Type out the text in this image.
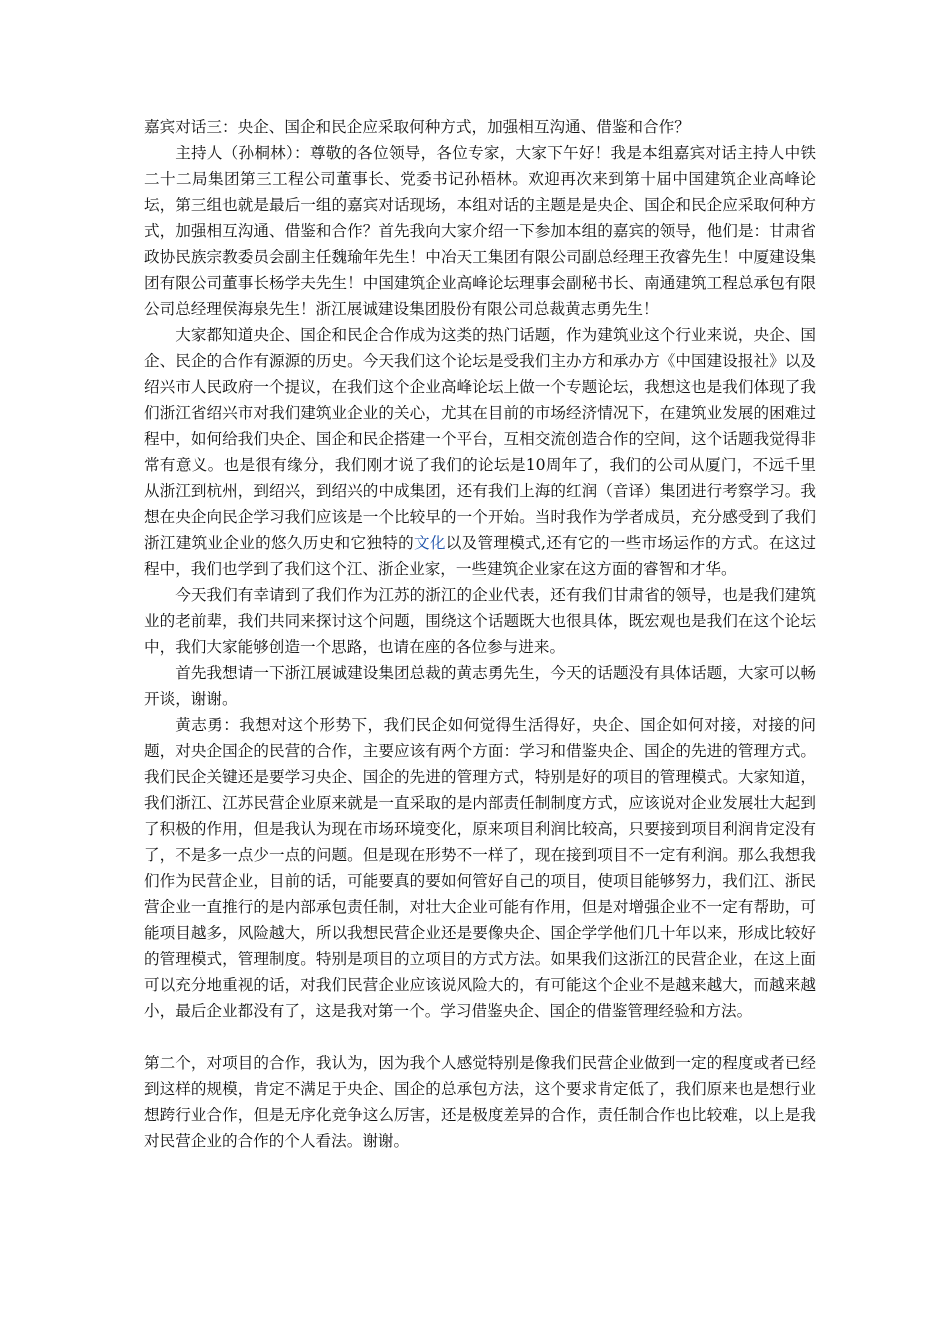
嘉宾对话三：央企、国企和民企应采取何种方式，加强相互沟通、借鉴和合作？

主持人（孙桐林）：尊敬的各位领导，各位专家，大家下午好！我是本组嘉宾对话主持人中铁二十二局集团第三工程公司董事长、党委书记孙梧林。欢迎再次来到第十届中国建筑企业高峰论坛，第三组也就是最后一组的嘉宾对话现场，本组对话的主题是是央企、国企和民企应采取何种方式，加强相互沟通、借鉴和合作？首先我向大家介绍一下参加本组的嘉宾的领导，他们是：甘肃省政协民族宗教委员会副主任魏瑜年先生！中冶天工集团有限公司副总经理王孜睿先生！中厦建设集团有限公司董事长杨学夫先生！中国建筑企业高峰论坛理事会副秘书长、南通建筑工程总承包有限公司总经理侯海泉先生！浙江展诚建设集团股份有限公司总裁黄志勇先生！

大家都知道央企、国企和民企合作成为这类的热门话题，作为建筑业这个行业来说，央企、国企、民企的合作有源源的历史。今天我们这个论坛是受我们主办方和承办方《中国建设报社》以及绍兴市人民政府一个提议，在我们这个企业高峰论坛上做一个专题论坛，我想这也是我们体现了我们浙江省绍兴市对我们建筑业企业的关心，尤其在目前的市场经济情况下，在建筑业发展的困难过程中，如何给我们央企、国企和民企搭建一个平台，互相交流创造合作的空间，这个话题我觉得非常有意义。也是很有缘分，我们刚才说了我们的论坛是10周年了，我们的公司从厦门，不远千里从浙江到杭州，到绍兴，到绍兴的中成集团，还有我们上海的红润（音译）集团进行考察学习。我想在央企向民企学习我们应该是一个比较早的一个开始。当时我作为学者成员，充分感受到了我们浙江建筑业企业的悠久历史和它独特的文化以及管理模式,还有它的一些市场运作的方式。在这过程中，我们也学到了我们这个江、浙企业家，一些建筑企业家在这方面的睿智和才华。

今天我们有幸请到了我们作为江苏的浙江的企业代表，还有我们甘肃省的领导，也是我们建筑业的老前辈，我们共同来探讨这个问题，围绕这个话题既大也很具体，既宏观也是我们在这个论坛中，我们大家能够创造一个思路，也请在座的各位参与进来。

首先我想请一下浙江展诚建设集团总裁的黄志勇先生，今天的话题没有具体话题，大家可以畅开谈，谢谢。

黄志勇：我想对这个形势下，我们民企如何觉得生活得好，央企、国企如何对接，对接的问题，对央企国企的民营的合作，主要应该有两个方面：学习和借鉴央企、国企的先进的管理方式。我们民企关键还是要学习央企、国企的先进的管理方式，特别是好的项目的管理模式。大家知道，我们浙江、江苏民营企业原来就是一直采取的是内部责任制制度方式，应该说对企业发展壮大起到了积极的作用，但是我认为现在市场环境变化，原来项目利润比较高，只要接到项目利润肯定没有了，不是多一点少一点的问题。但是现在形势不一样了，现在接到项目不一定有利润。那么我想我们作为民营企业，目前的话，可能要真的要如何管好自己的项目，使项目能够努力，我们江、浙民营企业一直推行的是内部承包责任制，对壮大企业可能有作用，但是对增强企业不一定有帮助，可能项目越多，风险越大，所以我想民营企业还是要像央企、国企学学他们几十年以来，形成比较好的管理模式，管理制度。特别是项目的立项目的方式方法。如果我们这浙江的民营企业，在这上面可以充分地重视的话，对我们民营企业应该说风险大的，有可能这个企业不是越来越大，而越来越小，最后企业都没有了，这是我对第一个。学习借鉴央企、国企的借鉴管理经验和方法。

第二个，对项目的合作，我认为，因为我个人感觉特别是像我们民营企业做到一定的程度或者已经到这样的规模，肯定不满足于央企、国企的总承包方法，这个要求肯定低了，我们原来也是想行业想跨行业合作，但是无序化竞争这么厉害，还是极度差异的合作，责任制合作也比较难，以上是我对民营企业的合作的个人看法。谢谢。
